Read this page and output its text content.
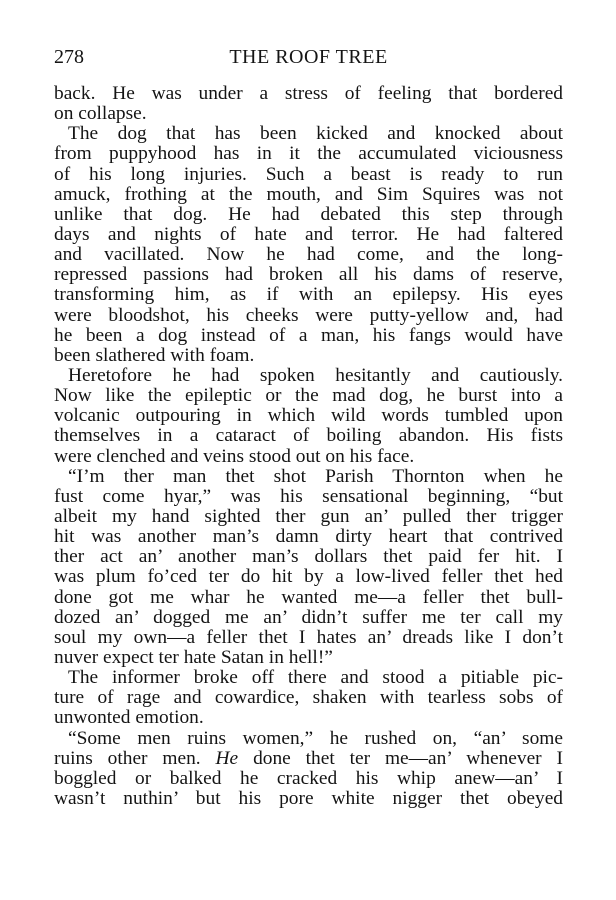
278	THE ROOF TREE
back. He was under a stress of feeling that bordered
on collapse.
The dog that has been kicked and knocked about
from puppyhood has in it the accumulated viciousness
of his long injuries. Such a beast is ready to run
amuck, frothing at the mouth, and Sim Squires was not
unlike that dog. He had debated this step through
days and nights of hate and terror. He had faltered
and vacillated. Now he had come, and the long-
repressed passions had broken all his dams of reserve,
transforming him, as if with an epilepsy. His eyes
were bloodshot, his cheeks were putty-yellow and, had
he been a dog instead of a man, his fangs would have
been slathered with foam.
Heretofore he had spoken hesitantly and cautiously.
Now like the epileptic or the mad dog, he burst into a
volcanic outpouring in which wild words tumbled upon
themselves in a cataract of boiling abandon. His fists
were clenched and veins stood out on his face.
“I’m ther man thet shot Parish Thornton when he
fust come hyar,” was his sensational beginning, “but
albeit my hand sighted ther gun an’ pulled ther trigger
hit was another man’s damn dirty heart that contrived
ther act an’ another man’s dollars thet paid fer hit. I
was plum fo’ced ter do hit by a low-lived feller thet hed
done got me whar he wanted me—a feller thet bull-
dozed an’ dogged me an’ didn’t suffer me ter call my
soul my own—a feller thet I hates an’ dreads like I don’t
nuver expect ter hate Satan in hell!”
The informer broke off there and stood a pitiable pic-
ture of rage and cowardice, shaken with tearless sobs of
unwonted emotion.
“Some men ruins women,” he rushed on, “an’ some
ruins other men. He done thet ter me—an’ whenever I
boggled or balked he cracked his whip anew—an’ I
wasn’t nuthin’ but his pore white nigger thet obeyed
